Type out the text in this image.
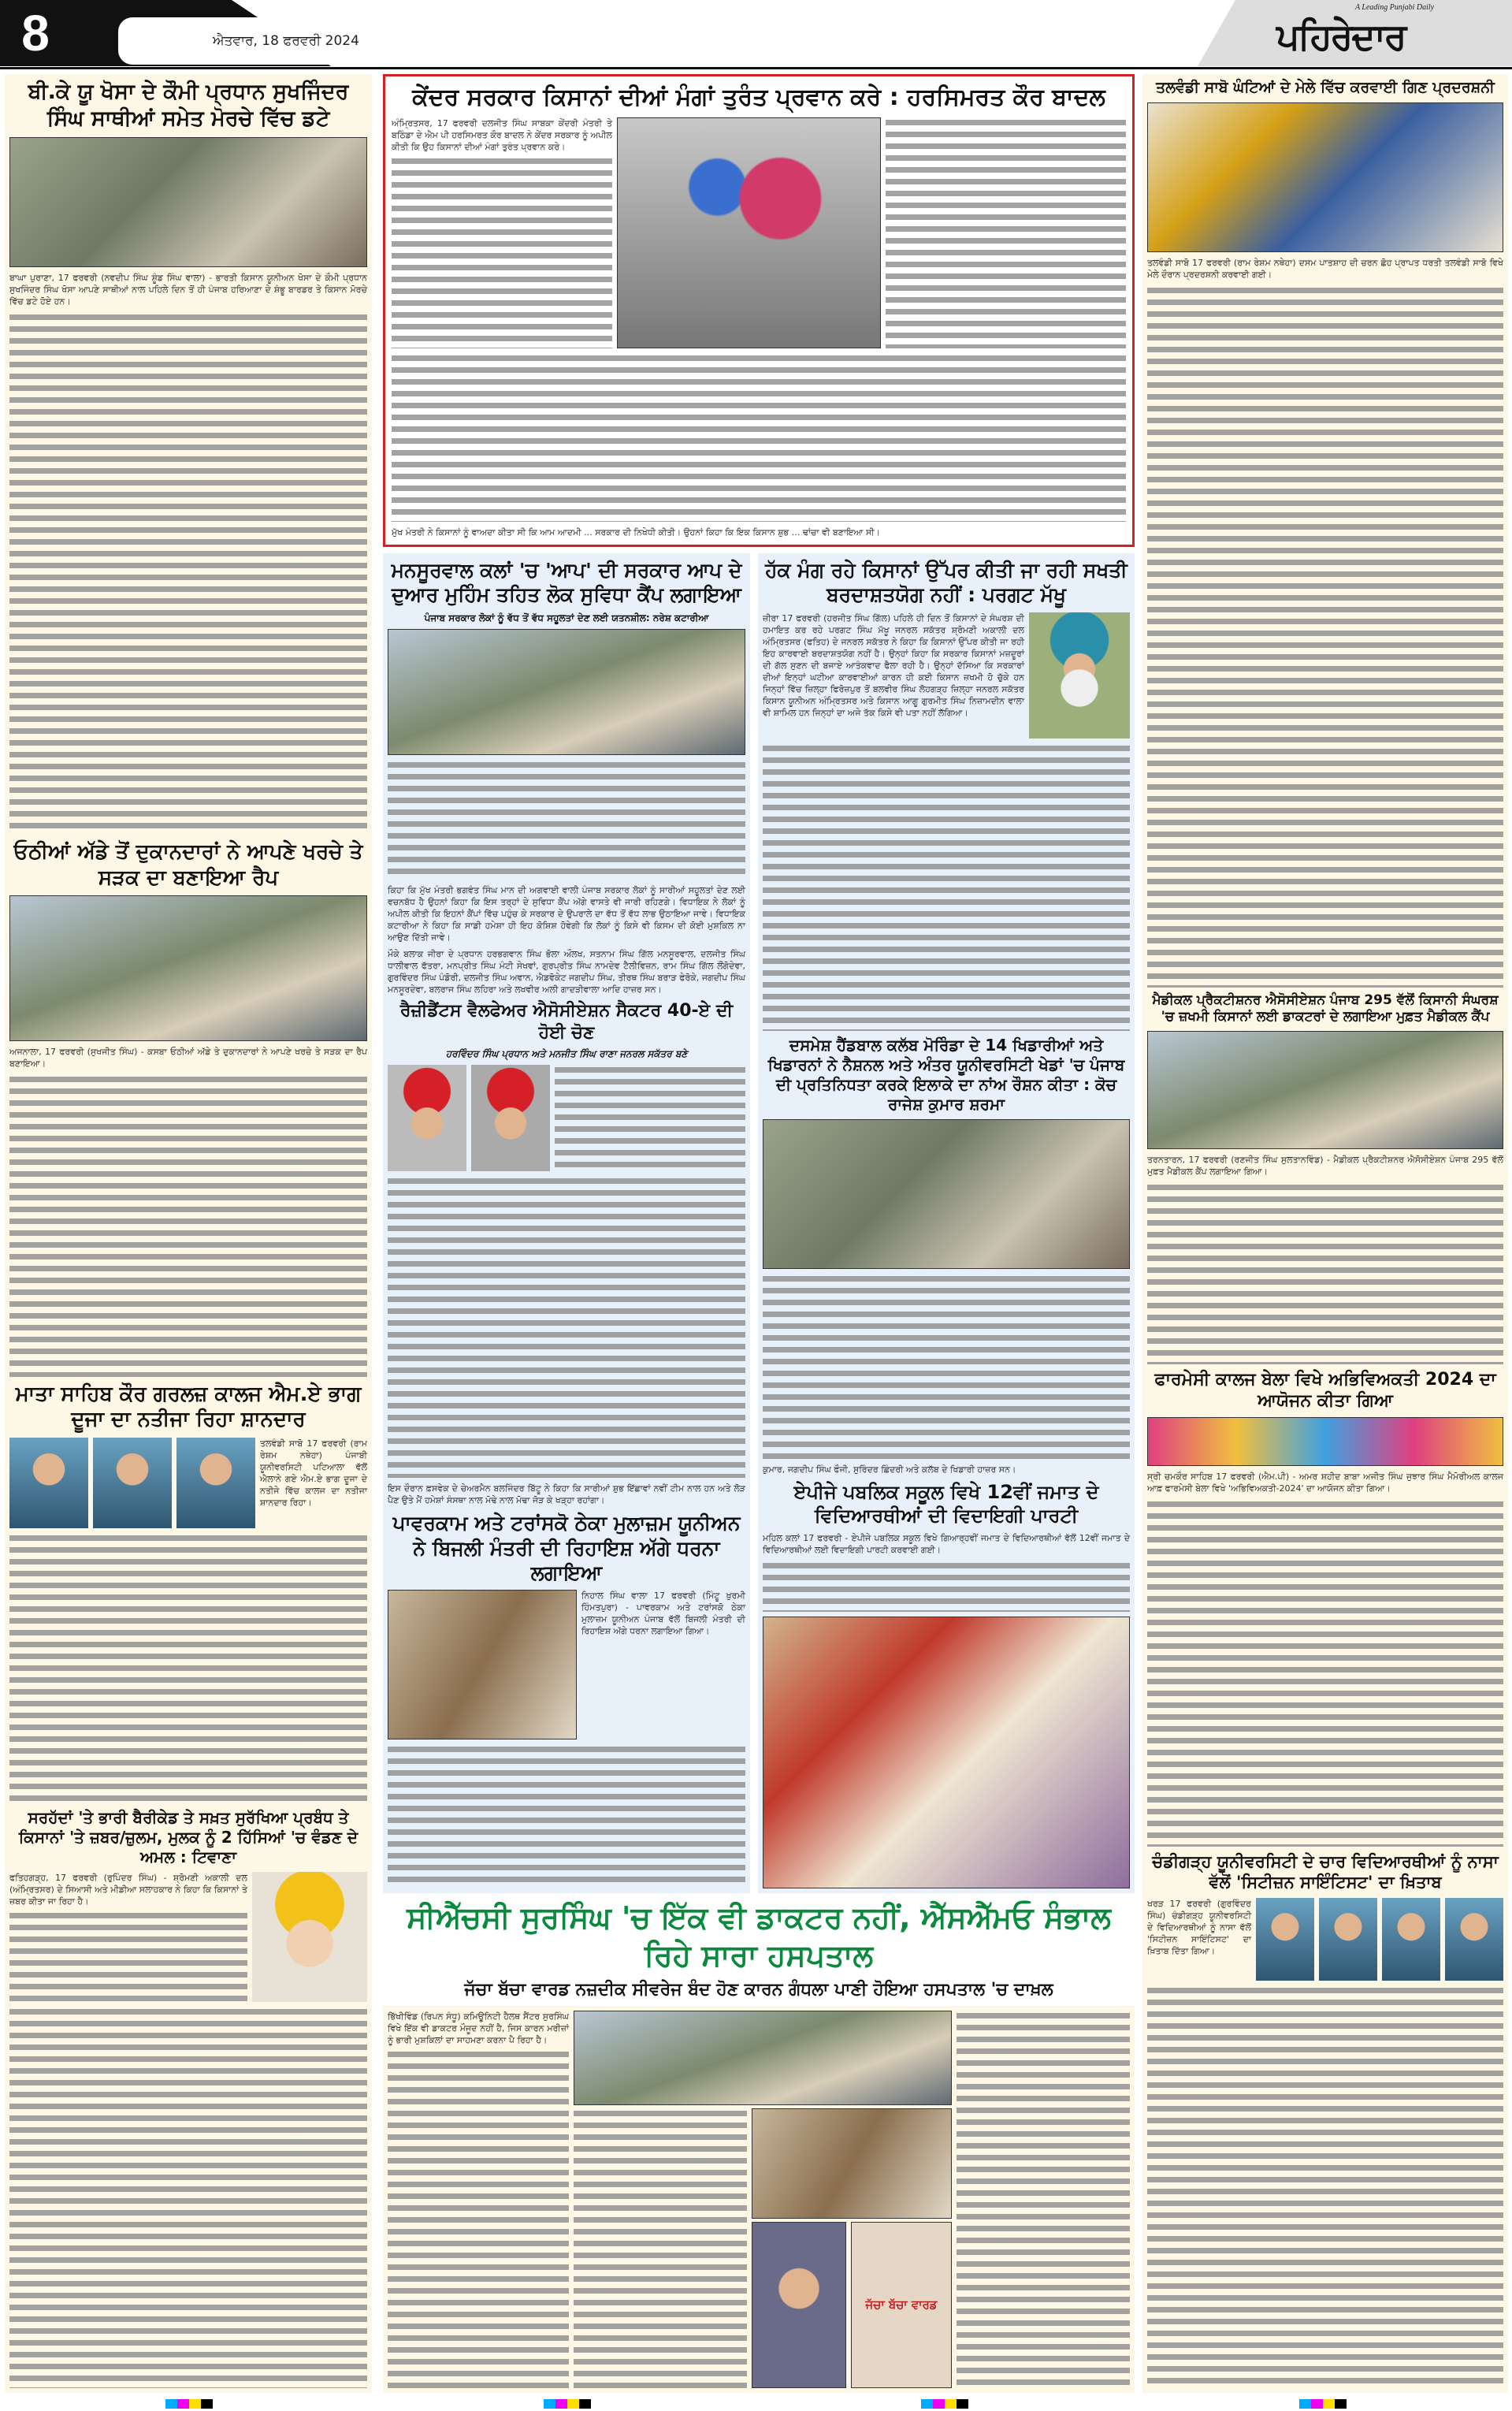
8	ਐਤਵਾਰ, 18 ਫਰਵਰੀ 2024
A Leading Punjabi Daily
ਪਹਿਰੇਦਾਰ
ਬੀ.ਕੇ ਯੂ ਖੋਸਾ ਦੇ ਕੌਮੀ ਪ੍ਰਧਾਨ ਸੁਖਜਿੰਦਰ ਸਿੰਘ ਸਾਥੀਆਂ ਸਮੇਤ ਮੋਰਚੇ ਵਿੱਚ ਡਟੇ
ਬਾਘਾ ਪੁਰਾਣਾ, 17 ਫਰਵਰੀ (ਨਵਦੀਪ ਸਿੰਘ ਸ਼ੂੰਡ ਸਿੰਘ ਵਾਲਾ) - ਭਾਰਤੀ ਕਿਸਾਨ ਯੂਨੀਅਨ ਖੋਸਾ ਦੇ ਕੌਮੀ ਪ੍ਰਧਾਨ ਸੁਖਜਿੰਦਰ ਸਿੰਘ ਖੋਸਾ ਆਪਣੇ ਸਾਥੀਆਂ ਨਾਲ ਪਹਿਲੇ ਦਿਨ ਤੋਂ ਹੀ ਪੰਜਾਬ ਹਰਿਆਣਾ ਦੇ ਸ਼ੰਭੂ ਬਾਰਡਰ ਤੇ ਕਿਸਾਨ ਮੋਰਚੇ ਵਿੱਚ ਡਟੇ ਹੋਏ ਹਨ।
ਓਠੀਆਂ ਅੱਡੇ ਤੋਂ ਦੁਕਾਨਦਾਰਾਂ ਨੇ ਆਪਣੇ ਖਰਚੇ ਤੇ ਸੜਕ ਦਾ ਬਣਾਇਆ ਰੈਪ
ਅਜਨਾਲਾ, 17 ਫਰਵਰੀ (ਸੁਖਜੀਤ ਸਿੰਘ) - ਕਸਬਾ ਓਠੀਆਂ ਅੱਡੇ ਤੇ ਦੁਕਾਨਦਾਰਾਂ ਨੇ ਆਪਣੇ ਖਰਚੇ ਤੇ ਸੜਕ ਦਾ ਰੈਪ ਬਣਾਇਆ।
ਮਾਤਾ ਸਾਹਿਬ ਕੌਰ ਗਰਲਜ਼ ਕਾਲਜ ਐਮ.ਏ ਭਾਗ ਦੂਜਾ ਦਾ ਨਤੀਜਾ ਰਿਹਾ ਸ਼ਾਨਦਾਰ
ਤਲਵੰਡੀ ਸਾਬੋ 17 ਫਰਵਰੀ (ਰਾਮ ਰੇਸ਼ਮ ਨਥੇਹਾ) ਪੰਜਾਬੀ ਯੂਨੀਵਰਸਿਟੀ ਪਟਿਆਲਾ ਵੱਲੋਂ ਐਲਾਨੇ ਗਏ ਐਮ.ਏ ਭਾਗ ਦੂਜਾ ਦੇ ਨਤੀਜੇ ਵਿੱਚ ਕਾਲਜ ਦਾ ਨਤੀਜਾ ਸ਼ਾਨਦਾਰ ਰਿਹਾ।
ਸਰਹੱਦਾਂ 'ਤੇ ਭਾਰੀ ਬੈਰੀਕੇਡ ਤੇ ਸਖ਼ਤ ਸੁਰੱਖਿਆ ਪ੍ਰਬੰਧ ਤੇ ਕਿਸਾਨਾਂ 'ਤੇ ਜ਼ਬਰ/ਜ਼ੁਲਮ, ਮੁਲਕ ਨੂੰ 2 ਹਿੱਸਿਆਂ 'ਚ ਵੰਡਣ ਦੇ ਅਮਲ : ਟਿਵਾਣਾ
ਫਤਿਹਗੜ੍ਹ, 17 ਫਰਵਰੀ (ਰੁਪਿੰਦਰ ਸਿੰਘ) - ਸ਼੍ਰੋਮਣੀ ਅਕਾਲੀ ਦਲ (ਅੰਮ੍ਰਿਤਸਰ) ਦੇ ਸਿਆਸੀ ਅਤੇ ਮੀਡੀਆ ਸਲਾਹਕਾਰ ਨੇ ਕਿਹਾ ਕਿ ਕਿਸਾਨਾਂ ਤੇ ਜ਼ਬਰ ਕੀਤਾ ਜਾ ਰਿਹਾ ਹੈ।
ਕੇਂਦਰ ਸਰਕਾਰ ਕਿਸਾਨਾਂ ਦੀਆਂ ਮੰਗਾਂ ਤੁਰੰਤ ਪ੍ਰਵਾਨ ਕਰੇ : ਹਰਸਿਮਰਤ ਕੌਰ ਬਾਦਲ
ਅੰਮ੍ਰਿਤਸਰ, 17 ਫਰਵਰੀ ਦਲਜੀਤ ਸਿੰਘ ਸਾਬਕਾ ਕੇਂਦਰੀ ਮੰਤਰੀ ਤੇ ਬਠਿੰਡਾ ਦੇ ਐਮ ਪੀ ਹਰਸਿਮਰਤ ਕੌਰ ਬਾਦਲ ਨੇ ਕੇਂਦਰ ਸਰਕਾਰ ਨੂੰ ਅਪੀਲ ਕੀਤੀ ਕਿ ਉਹ ਕਿਸਾਨਾਂ ਦੀਆਂ ਮੰਗਾਂ ਤੁਰੰਤ ਪ੍ਰਵਾਨ ਕਰੇ।
ਮੁੱਖ ਮੰਤਰੀ ਨੇ ਕਿਸਾਨਾਂ ਨੂੰ ਵਾਅਦਾ ਕੀਤਾ ਸੀ ਕਿ ਆਮ ਆਦਮੀ ... ਸਰਕਾਰ ਦੀ ਨਿਖੇਧੀ ਕੀਤੀ। ਉਹਨਾਂ ਕਿਹਾ ਕਿ ਇਕ ਕਿਸਾਨ ਸ਼ੁਭ ... ਢਾਂਚਾ ਵੀ ਬਣਾਇਆ ਸੀ।
ਮਨਸੂਰਵਾਲ ਕਲਾਂ 'ਚ 'ਆਪ' ਦੀ ਸਰਕਾਰ ਆਪ ਦੇ ਦੁਆਰ ਮੁਹਿੰਮ ਤਹਿਤ ਲੋਕ ਸੁਵਿਧਾ ਕੈਂਪ ਲਗਾਇਆ
ਪੰਜਾਬ ਸਰਕਾਰ ਲੋਕਾਂ ਨੂੰ ਵੱਧ ਤੋਂ ਵੱਧ ਸਹੂਲਤਾਂ ਦੇਣ ਲਈ ਯਤਨਸ਼ੀਲ: ਨਰੇਸ਼ ਕਟਾਰੀਆ
ਕਿਹਾ ਕਿ ਮੁੱਖ ਮੰਤਰੀ ਭਗਵੰਤ ਸਿੰਘ ਮਾਨ ਦੀ ਅਗਵਾਈ ਵਾਲੀ ਪੰਜਾਬ ਸਰਕਾਰ ਲੋਕਾਂ ਨੂੰ ਸਾਰੀਆਂ ਸਹੂਲਤਾਂ ਦੇਣ ਲਈ ਵਚਨਬੱਧ ਹੈ ਉਹਨਾਂ ਕਿਹਾ ਕਿ ਇਸ ਤਰ੍ਹਾਂ ਦੇ ਸੁਵਿਧਾ ਕੈਂਪ ਅੱਗੇ ਵਾਸਤੇ ਵੀ ਜਾਰੀ ਰਹਿਣਗੇ। ਵਿਧਾਇਕ ਨੇ ਲੋਕਾਂ ਨੂੰ ਅਪੀਲ ਕੀਤੀ ਕਿ ਇਹਨਾਂ ਕੈਂਪਾਂ ਵਿੱਚ ਪਹੁੰਚ ਕੇ ਸਰਕਾਰ ਦੇ ਉਪਰਾਲੇ ਦਾ ਵੱਧ ਤੋਂ ਵੱਧ ਲਾਭ ਉਠਾਇਆ ਜਾਵੇ। ਵਿਧਾਇਕ ਕਟਾਰੀਆ ਨੇ ਕਿਹਾ ਕਿ ਸਾਡੀ ਹਮੇਸ਼ਾ ਹੀ ਇਹ ਕੋਸ਼ਿਸ਼ ਹੋਵੇਗੀ ਕਿ ਲੋਕਾਂ ਨੂੰ ਕਿਸੇ ਵੀ ਕਿਸਮ ਦੀ ਕੋਈ ਮੁਸ਼ਕਿਲ ਨਾ ਆਉਣ ਦਿੱਤੀ ਜਾਵੇ।
ਮੌਕੇ ਬਲਾਕ ਜੀਰਾ ਦੇ ਪ੍ਰਧਾਨ ਹਰਭਗਵਾਨ ਸਿੰਘ ਭੋਲਾ ਔਲਖ, ਸਤਨਾਮ ਸਿੰਘ ਗਿੱਲ ਮਨਸੂਰਵਾਲ, ਦਲਜੀਤ ਸਿੰਘ ਧਾਲੀਵਾਲ ਫੱਤਰਾ, ਮਨਪ੍ਰੀਤ ਸਿੰਘ ਮੰਟੀ ਸੇਖਵਾਂ, ਗੁਰਪ੍ਰੀਤ ਸਿੰਘ ਨਾਮਦੇਵ ਟੈਲੀਵਿਜ਼ਨ, ਰਾਮ ਸਿੰਘ ਗਿੱਲ ਲੌਂਗੋਦੇਵਾ, ਗੁਰਵਿੰਦਰ ਸਿੰਘ ਪੰਡੋਰੀ, ਦਲਜੀਤ ਸਿੰਘ ਅਵਾਨ, ਐਡਵੋਕੇਟ ਜਗਦੀਪ ਸਿੰਘ, ਤੀਰਥ ਸਿੰਘ ਬਰਾੜ ਫੇਰੋਕੇ, ਜਗਦੀਪ ਸਿੰਘ ਮਨਸੂਰਦੇਵਾ, ਬਲਰਾਜ ਸਿੰਘ ਲਹਿਰਾ ਅਤੇ ਲਖਵੀਰ ਅਲੀ ਗਾਦੜੀਵਾਲਾ ਆਦਿ ਹਾਜ਼ਰ ਸਨ।
ਰੈਜ਼ੀਡੈਂਟਸ ਵੈਲਫੇਅਰ ਐਸੋਸੀਏਸ਼ਨ ਸੈਕਟਰ 40-ਏ ਦੀ ਹੋਈ ਚੋਣ
ਹਰਵਿੰਦਰ ਸਿੰਘ ਪ੍ਰਧਾਨ ਅਤੇ ਮਨਜੀਤ ਸਿੰਘ ਰਾਣਾ ਜਨਰਲ ਸਕੱਤਰ ਬਣੇ
ਇਸ ਦੌਰਾਨ ਫ਼ਸਵੇਕ ਦੇ ਚੇਅਰਮੈਨ ਬਲਜਿੰਦਰ ਬਿੱਟੂ ਨੇ ਕਿਹਾ ਕਿ ਸਾਰੀਆਂ ਸ਼ੁਭ ਇੱਛਾਵਾਂ ਨਵੀਂ ਟੀਮ ਨਾਲ ਹਨ ਅਤੇ ਲੋੜ ਪੈਣ ਉਤੇ ਮੈਂ ਹਮੇਸ਼ਾਂ ਸੰਸਥਾ ਨਾਲ ਮੋਢੇ ਨਾਲ ਮੋਢਾ ਜੋੜ ਕੇ ਖੜ੍ਹਾ ਰਹਾਂਗਾ।
ਪਾਵਰਕਾਮ ਅਤੇ ਟਰਾਂਸਕੋ ਠੇਕਾ ਮੁਲਾਜ਼ਮ ਯੂਨੀਅਨ ਨੇ ਬਿਜਲੀ ਮੰਤਰੀ ਦੀ ਰਿਹਾਇਸ਼ ਅੱਗੇ ਧਰਨਾ ਲਗਾਇਆ
ਨਿਹਾਲ ਸਿੰਘ ਵਾਲਾ 17 ਫਰਵਰੀ (ਮਿੰਟੂ ਖੁਰਮੀ ਹਿੰਮਤਪੁਰਾ) - ਪਾਵਰਕਾਮ ਅਤੇ ਟਰਾਂਸਕੋ ਠੇਕਾ ਮੁਲਾਜ਼ਮ ਯੂਨੀਅਨ ਪੰਜਾਬ ਵੱਲੋਂ ਬਿਜਲੀ ਮੰਤਰੀ ਦੀ ਰਿਹਾਇਸ਼ ਅੱਗੇ ਧਰਨਾ ਲਗਾਇਆ ਗਿਆ।
ਹੱਕ ਮੰਗ ਰਹੇ ਕਿਸਾਨਾਂ ਉੱਪਰ ਕੀਤੀ ਜਾ ਰਹੀ ਸਖਤੀ ਬਰਦਾਸ਼ਤਯੋਗ ਨਹੀਂ : ਪਰਗਟ ਮੱਖੂ
ਜ਼ੀਰਾ 17 ਫਰਵਰੀ (ਹਰਜੀਤ ਸਿੰਘ ਗਿੱਲ) ਪਹਿਲੇ ਹੀ ਦਿਨ ਤੋਂ ਕਿਸਾਨਾਂ ਦੇ ਸੰਘਰਸ਼ ਦੀ ਹਮਾਇਤ ਕਰ ਰਹੇ ਪਰਗਟ ਸਿੰਘ ਮੱਖੂ ਜਨਰਲ ਸਕੱਤਰ ਸ਼੍ਰੋਮਣੀ ਅਕਾਲੀ ਦਲ ਅੰਮ੍ਰਿਤਸਰ (ਫਤਿਹ) ਦੇ ਜਨਰਲ ਸਕੱਤਰ ਨੇ ਕਿਹਾ ਕਿ ਕਿਸਾਨਾਂ ਉੱਪਰ ਕੀਤੀ ਜਾ ਰਹੀ ਇਹ ਕਾਰਵਾਈ ਬਰਦਾਸ਼ਤਯੋਗ ਨਹੀਂ ਹੈ। ਉਨ੍ਹਾਂ ਕਿਹਾ ਕਿ ਸਰਕਾਰ ਕਿਸਾਨਾਂ ਮਜ਼ਦੂਰਾਂ ਦੀ ਗੱਲ ਸੁਣਨ ਦੀ ਬਜਾਏ ਆਤੰਕਵਾਦ ਫੈਲਾ ਰਹੀ ਹੈ। ਉਨ੍ਹਾਂ ਦੱਸਿਆ ਕਿ ਸਰਕਾਰਾਂ ਦੀਆਂ ਇਨ੍ਹਾਂ ਘਟੀਆ ਕਾਰਵਾਈਆਂ ਕਾਰਨ ਹੀ ਕਈ ਕਿਸਾਨ ਜ਼ਖਮੀ ਹੋ ਚੁੱਕੇ ਹਨ ਜਿਨ੍ਹਾਂ ਵਿੱਚ ਜ਼ਿਲ੍ਹਾ ਫਿਰੋਜ਼ਪੁਰ ਤੋਂ ਬਲਵੀਰ ਸਿੰਘ ਲੋਹਗੜ੍ਹ ਜ਼ਿਲ੍ਹਾ ਜਨਰਲ ਸਕੱਤਰ ਕਿਸਾਨ ਯੂਨੀਅਨ ਅੰਮ੍ਰਿਤਸਰ ਅਤੇ ਕਿਸਾਨ ਆਗੂ ਗੁਰਮੀਤ ਸਿੰਘ ਨਿਜ਼ਾਮਦੀਨ ਵਾਲਾ ਵੀ ਸ਼ਾਮਿਲ ਹਨ ਜਿਨ੍ਹਾਂ ਦਾ ਅਜੇ ਤੱਕ ਕਿਸੇ ਵੀ ਪਤਾ ਨਹੀਂ ਲੱਗਿਆ।
ਦਸਮੇਸ਼ ਹੈਂਡਬਾਲ ਕਲੱਬ ਮੋਰਿੰਡਾ ਦੇ 14 ਖਿਡਾਰੀਆਂ ਅਤੇ ਖਿਡਾਰਨਾਂ ਨੇ ਨੈਸ਼ਨਲ ਅਤੇ ਅੰਤਰ ਯੂਨੀਵਰਸਿਟੀ ਖੇਡਾਂ 'ਚ ਪੰਜਾਬ ਦੀ ਪ੍ਰਤਿਨਿਧਤਾ ਕਰਕੇ ਇਲਾਕੇ ਦਾ ਨਾਂਅ ਰੌਸ਼ਨ ਕੀਤਾ : ਕੋਚ ਰਾਜੇਸ਼ ਕੁਮਾਰ ਸ਼ਰਮਾ
ਕੁਮਾਰ, ਜਗਦੀਪ ਸਿੰਘ ਫੌਜੀ, ਸੁਰਿੰਦਰ ਛਿੰਦਰੀ ਅਤੇ ਕਲੱਬ ਦੇ ਖਿਡਾਰੀ ਹਾਜ਼ਰ ਸਨ।
ਏਪੀਜੇ ਪਬਲਿਕ ਸਕੂਲ ਵਿਖੇ 12ਵੀਂ ਜਮਾਤ ਦੇ ਵਿਦਿਆਰਥੀਆਂ ਦੀ ਵਿਦਾਇਗੀ ਪਾਰਟੀ
ਮਹਿਲ ਕਲਾਂ 17 ਫਰਵਰੀ - ਏਪੀਜੇ ਪਬਲਿਕ ਸਕੂਲ ਵਿਖੇ ਗਿਆਰ੍ਹਵੀਂ ਜਮਾਤ ਦੇ ਵਿਦਿਆਰਥੀਆਂ ਵੱਲੋਂ 12ਵੀਂ ਜਮਾਤ ਦੇ ਵਿਦਿਆਰਥੀਆਂ ਲਈ ਵਿਦਾਇਗੀ ਪਾਰਟੀ ਕਰਵਾਈ ਗਈ।
ਸੀਐੱਚਸੀ ਸੁਰਸਿੰਘ 'ਚ ਇੱਕ ਵੀ ਡਾਕਟਰ ਨਹੀਂ, ਐੱਸਐੱਮਓ ਸੰਭਾਲ ਰਿਹੇ ਸਾਰਾ ਹਸਪਤਾਲ
ਜੱਚਾ ਬੱਚਾ ਵਾਰਡ ਨਜ਼ਦੀਕ ਸੀਵਰੇਜ ਬੰਦ ਹੋਣ ਕਾਰਨ ਗੰਧਲਾ ਪਾਣੀ ਹੋਇਆ ਹਸਪਤਾਲ 'ਚ ਦਾਖ਼ਲ
ਭਿੱਖੀਵਿੰਡ (ਰਿਪਨ ਸੰਧੂ) ਕਮਿਊਨਿਟੀ ਹੈਲਥ ਸੈਂਟਰ ਸੁਰਸਿੰਘ ਵਿਖੇ ਇੱਕ ਵੀ ਡਾਕਟਰ ਮੌਜੂਦ ਨਹੀਂ ਹੈ, ਜਿਸ ਕਾਰਨ ਮਰੀਜ਼ਾਂ ਨੂੰ ਭਾਰੀ ਮੁਸ਼ਕਿਲਾਂ ਦਾ ਸਾਹਮਣਾ ਕਰਨਾ ਪੈ ਰਿਹਾ ਹੈ।
ਜੱਚਾ ਬੱਚਾ ਵਾਰਡ
ਤਲਵੰਡੀ ਸਾਬੋ ਘੰਟਿਆਂ ਦੇ ਮੇਲੇ ਵਿੱਚ ਕਰਵਾਈ ਗਿਣ ਪ੍ਰਦਰਸ਼ਨੀ
ਤਲਵੰਡੀ ਸਾਬੋ 17 ਫਰਵਰੀ (ਰਾਮ ਰੇਸ਼ਮ ਨਥੇਹਾ) ਦਸਮ ਪਾਤਸ਼ਾਹ ਦੀ ਚਰਨ ਛੋਹ ਪ੍ਰਾਪਤ ਧਰਤੀ ਤਲਵੰਡੀ ਸਾਬੋ ਵਿਖੇ ਮੇਲੇ ਦੌਰਾਨ ਪ੍ਰਦਰਸ਼ਨੀ ਕਰਵਾਈ ਗਈ।
ਮੈਡੀਕਲ ਪ੍ਰੈਕਟੀਸ਼ਨਰ ਐਸੋਸੀਏਸ਼ਨ ਪੰਜਾਬ 295 ਵੱਲੋਂ ਕਿਸਾਨੀ ਸੰਘਰਸ਼ 'ਚ ਜ਼ਖਮੀ ਕਿਸਾਨਾਂ ਲਈ ਡਾਕਟਰਾਂ ਦੇ ਲਗਾਇਆ ਮੁਫ਼ਤ ਮੈਡੀਕਲ ਕੈਂਪ
ਤਰਨਤਾਰਨ, 17 ਫਰਵਰੀ (ਰਣਜੀਤ ਸਿੰਘ ਸੁਲਤਾਨਵਿੰਡ) - ਮੈਡੀਕਲ ਪ੍ਰੈਕਟੀਸ਼ਨਰ ਐਸੋਸੀਏਸ਼ਨ ਪੰਜਾਬ 295 ਵੱਲੋਂ ਮੁਫ਼ਤ ਮੈਡੀਕਲ ਕੈਂਪ ਲਗਾਇਆ ਗਿਆ।
ਫਾਰਮੇਸੀ ਕਾਲਜ ਬੇਲਾ ਵਿਖੇ ਅਭਿਵਿਅਕਤੀ 2024 ਦਾ ਆਯੋਜਨ ਕੀਤਾ ਗਿਆ
ਸ੍ਰੀ ਚਮਕੌਰ ਸਾਹਿਬ 17 ਫਰਵਰੀ (ਐਮ.ਪੀ) - ਅਮਰ ਸ਼ਹੀਦ ਬਾਬਾ ਅਜੀਤ ਸਿੰਘ ਜੁਝਾਰ ਸਿੰਘ ਮੈਮੋਰੀਅਲ ਕਾਲਜ ਆਫ਼ ਫਾਰਮੇਸੀ ਬੇਲਾ ਵਿਖੇ 'ਅਭਿਵਿਅਕਤੀ-2024' ਦਾ ਆਯੋਜਨ ਕੀਤਾ ਗਿਆ।
ਚੰਡੀਗੜ੍ਹ ਯੂਨੀਵਰਸਿਟੀ ਦੇ ਚਾਰ ਵਿਦਿਆਰਥੀਆਂ ਨੂੰ ਨਾਸਾ ਵੱਲੋਂ 'ਸਿਟੀਜ਼ਨ ਸਾਇੰਟਿਸਟ' ਦਾ ਖ਼ਿਤਾਬ
ਖਰੜ 17 ਫਰਵਰੀ (ਗੁਰਵਿੰਦਰ ਸਿੰਘ) ਚੰਡੀਗੜ੍ਹ ਯੂਨੀਵਰਸਿਟੀ ਦੇ ਵਿਦਿਆਰਥੀਆਂ ਨੂੰ ਨਾਸਾ ਵੱਲੋਂ 'ਸਿਟੀਜ਼ਨ ਸਾਇੰਟਿਸਟ' ਦਾ ਖ਼ਿਤਾਬ ਦਿੱਤਾ ਗਿਆ।
